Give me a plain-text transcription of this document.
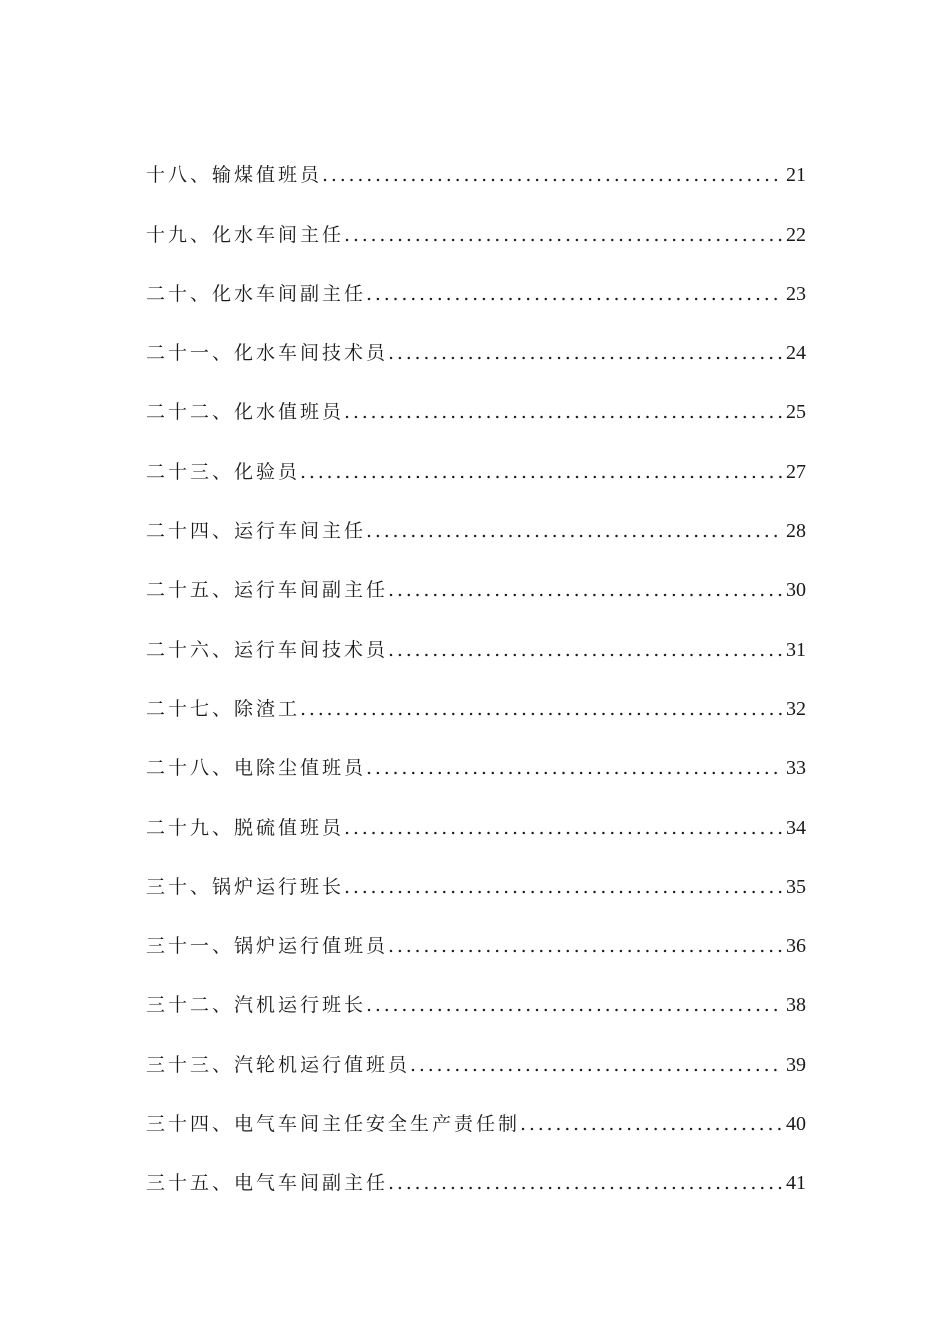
十八、输煤值班员 .....	21
十九、化水车间主任 .....	22
二十、化水车间副主任 .....	23
二十一、化水车间技术员 .....	24
二十二、化水值班员 .....	25
二十三、化验员 .....	27
二十四、运行车间主任 .....	28
二十五、运行车间副主任 .....	30
二十六、运行车间技术员 .....	31
二十七、除渣工 .....	32
二十八、电除尘值班员 .....	33
二十九、脱硫值班员 .....	34
三十、锅炉运行班长 .....	35
三十一、锅炉运行值班员 .....	36
三十二、汽机运行班长 .....	38
三十三、汽轮机运行值班员 .....	39
三十四、电气车间主任安全生产责任制 .....	40
三十五、电气车间副主任 .....	41
